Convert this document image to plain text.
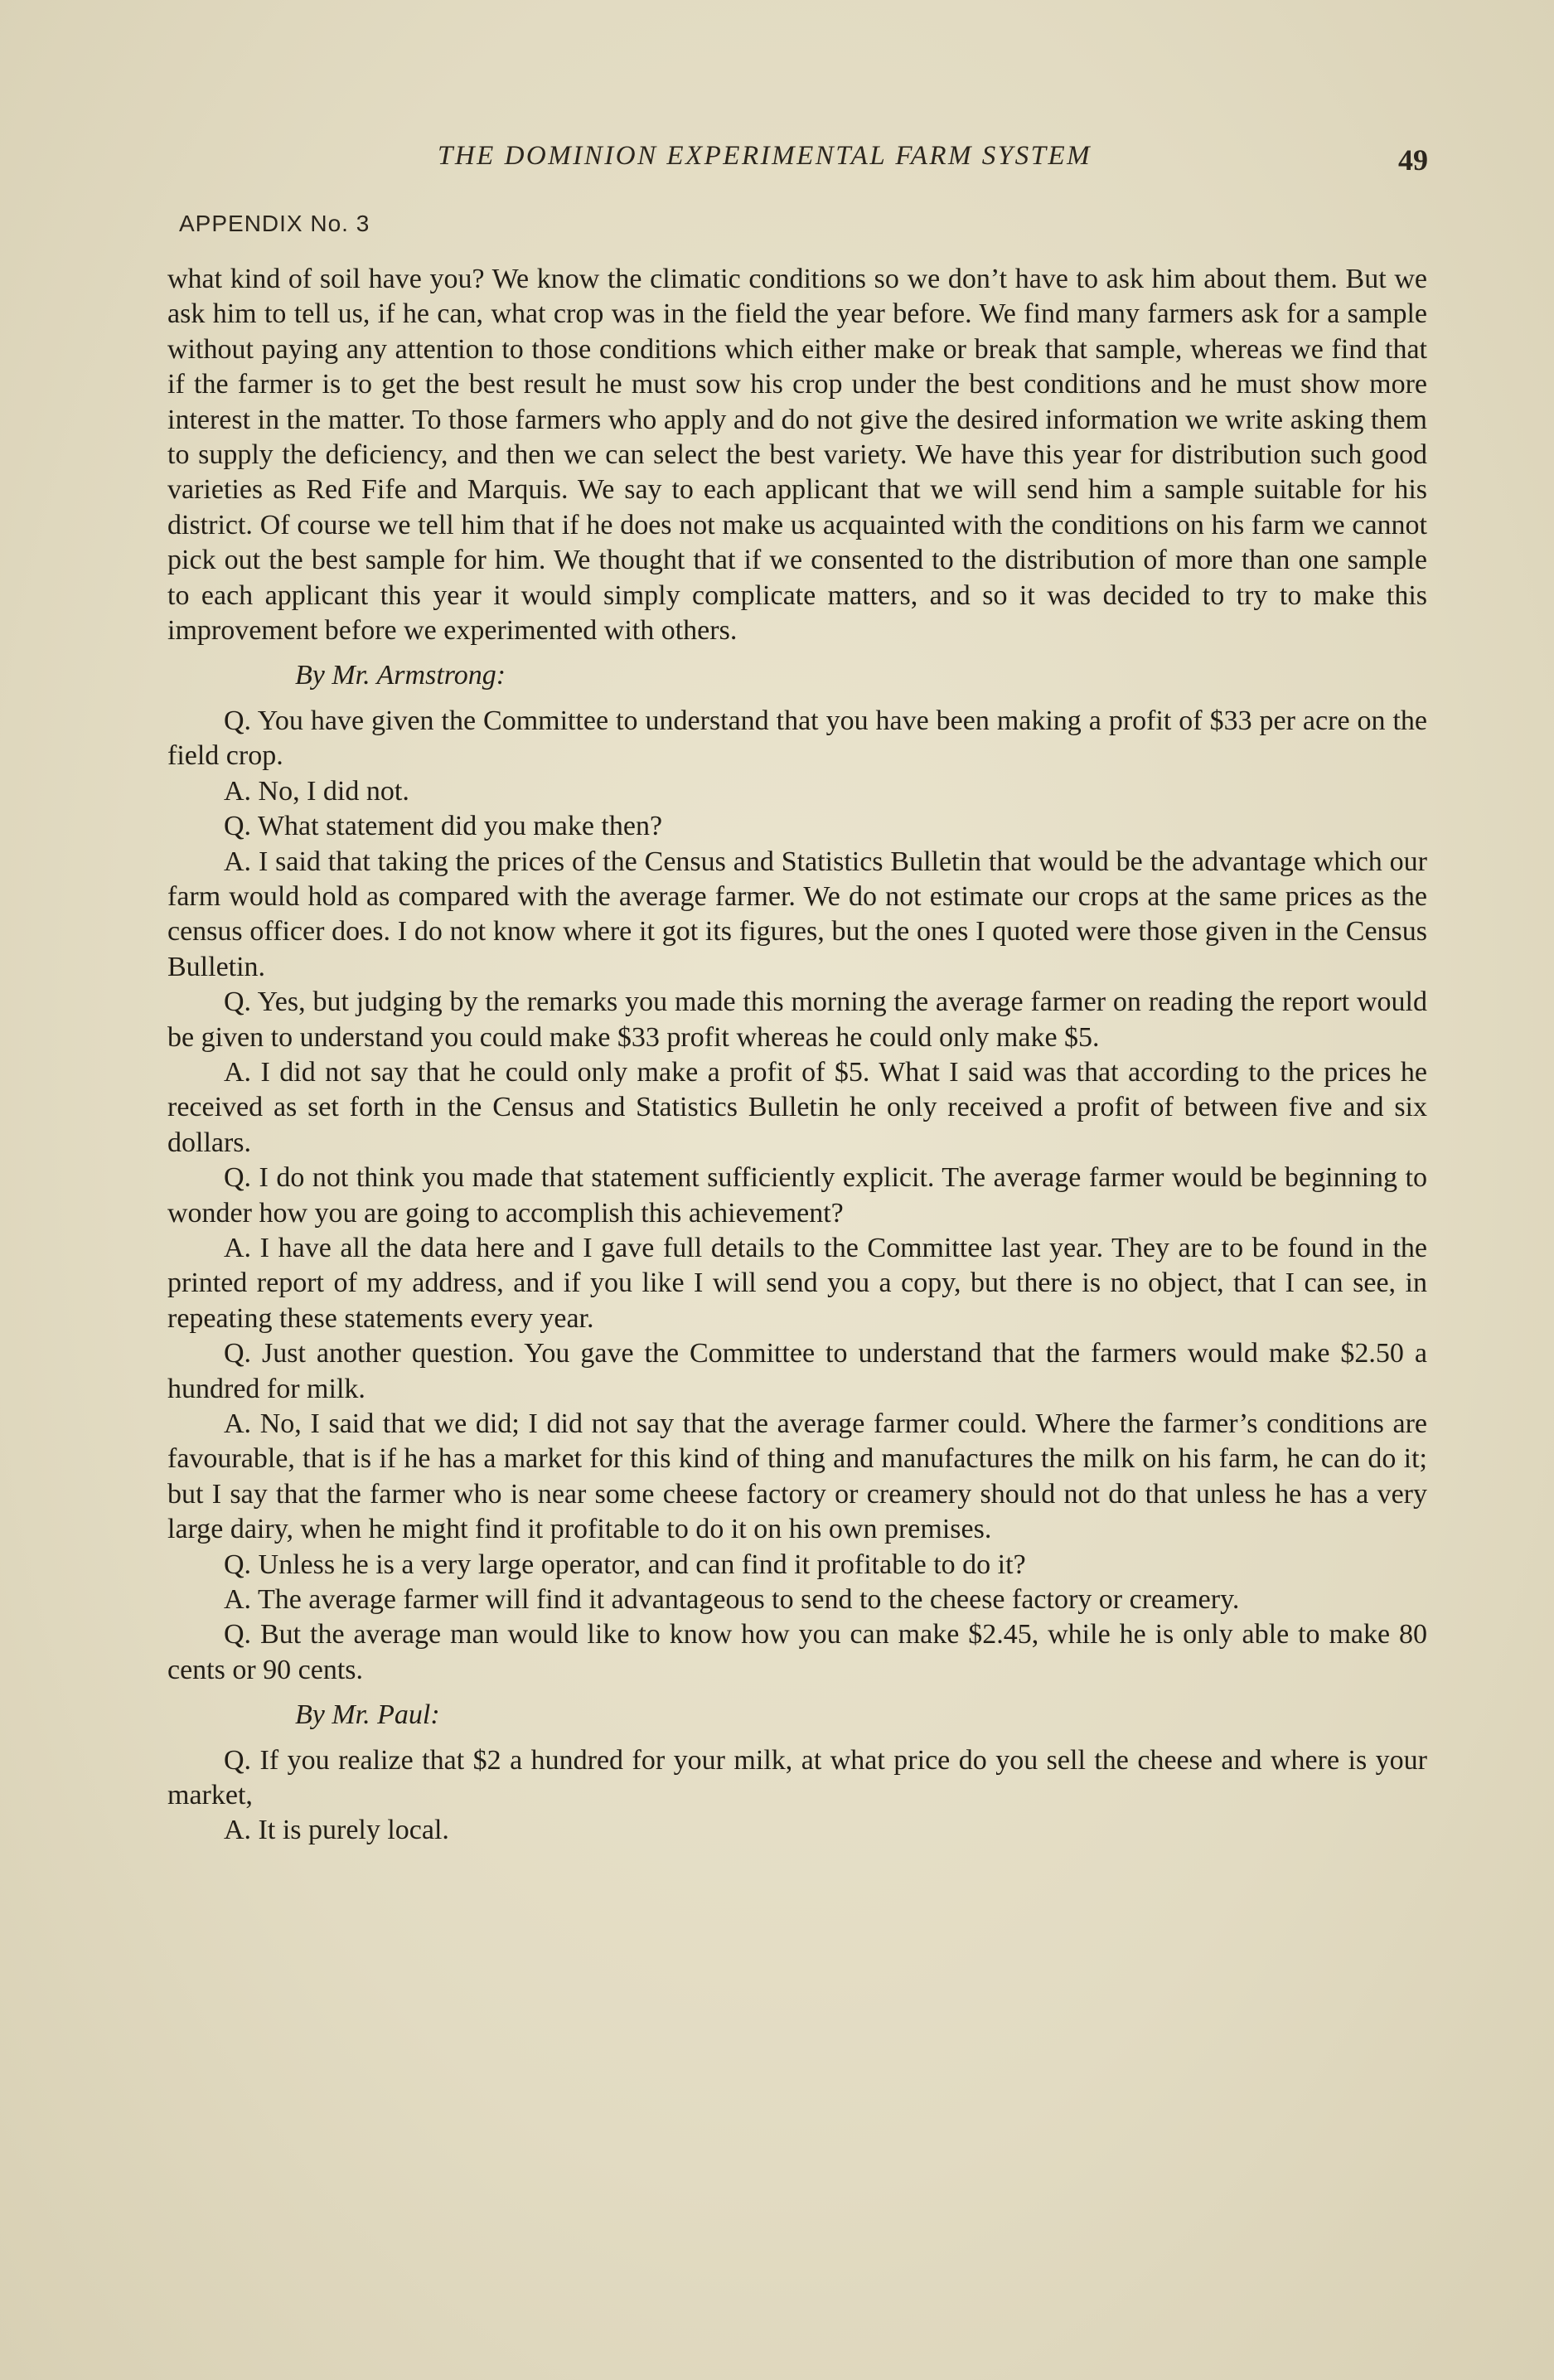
THE DOMINION EXPERIMENTAL FARM SYSTEM	49
APPENDIX No. 3

what kind of soil have you? We know the climatic conditions so we don’t have to ask him about them. But we ask him to tell us, if he can, what crop was in the field the year before. We find many farmers ask for a sample without paying any attention to those conditions which either make or break that sample, whereas we find that if the farmer is to get the best result he must sow his crop under the best conditions and he must show more interest in the matter. To those farmers who apply and do not give the desired information we write asking them to supply the deficiency, and then we can select the best variety. We have this year for distribution such good varieties as Red Fife and Marquis. We say to each applicant that we will send him a sample suitable for his district. Of course we tell him that if he does not make us acquainted with the conditions on his farm we cannot pick out the best sample for him. We thought that if we consented to the distribution of more than one sample to each applicant this year it would simply complicate matters, and so it was decided to try to make this improvement before we experimented with others.

By Mr. Armstrong:

Q. You have given the Committee to understand that you have been making a profit of $33 per acre on the field crop.

A. No, I did not.

Q. What statement did you make then?

A. I said that taking the prices of the Census and Statistics Bulletin that would be the advantage which our farm would hold as compared with the average farmer. We do not estimate our crops at the same prices as the census officer does. I do not know where it got its figures, but the ones I quoted were those given in the Census Bulletin.

Q. Yes, but judging by the remarks you made this morning the average farmer on reading the report would be given to understand you could make $33 profit whereas he could only make $5.

A. I did not say that he could only make a profit of $5. What I said was that according to the prices he received as set forth in the Census and Statistics Bulletin he only received a profit of between five and six dollars.

Q. I do not think you made that statement sufficiently explicit. The average farmer would be beginning to wonder how you are going to accomplish this achievement?

A. I have all the data here and I gave full details to the Committee last year. They are to be found in the printed report of my address, and if you like I will send you a copy, but there is no object, that I can see, in repeating these statements every year.

Q. Just another question. You gave the Committee to understand that the farmers would make $2.50 a hundred for milk.

A. No, I said that we did; I did not say that the average farmer could. Where the farmer’s conditions are favourable, that is if he has a market for this kind of thing and manufactures the milk on his farm, he can do it; but I say that the farmer who is near some cheese factory or creamery should not do that unless he has a very large dairy, when he might find it profitable to do it on his own premises.

Q. Unless he is a very large operator, and can find it profitable to do it?

A. The average farmer will find it advantageous to send to the cheese factory or creamery.

Q. But the average man would like to know how you can make $2.45, while he is only able to make 80 cents or 90 cents.

By Mr. Paul:

Q. If you realize that $2 a hundred for your milk, at what price do you sell the cheese and where is your market,

A. It is purely local.
